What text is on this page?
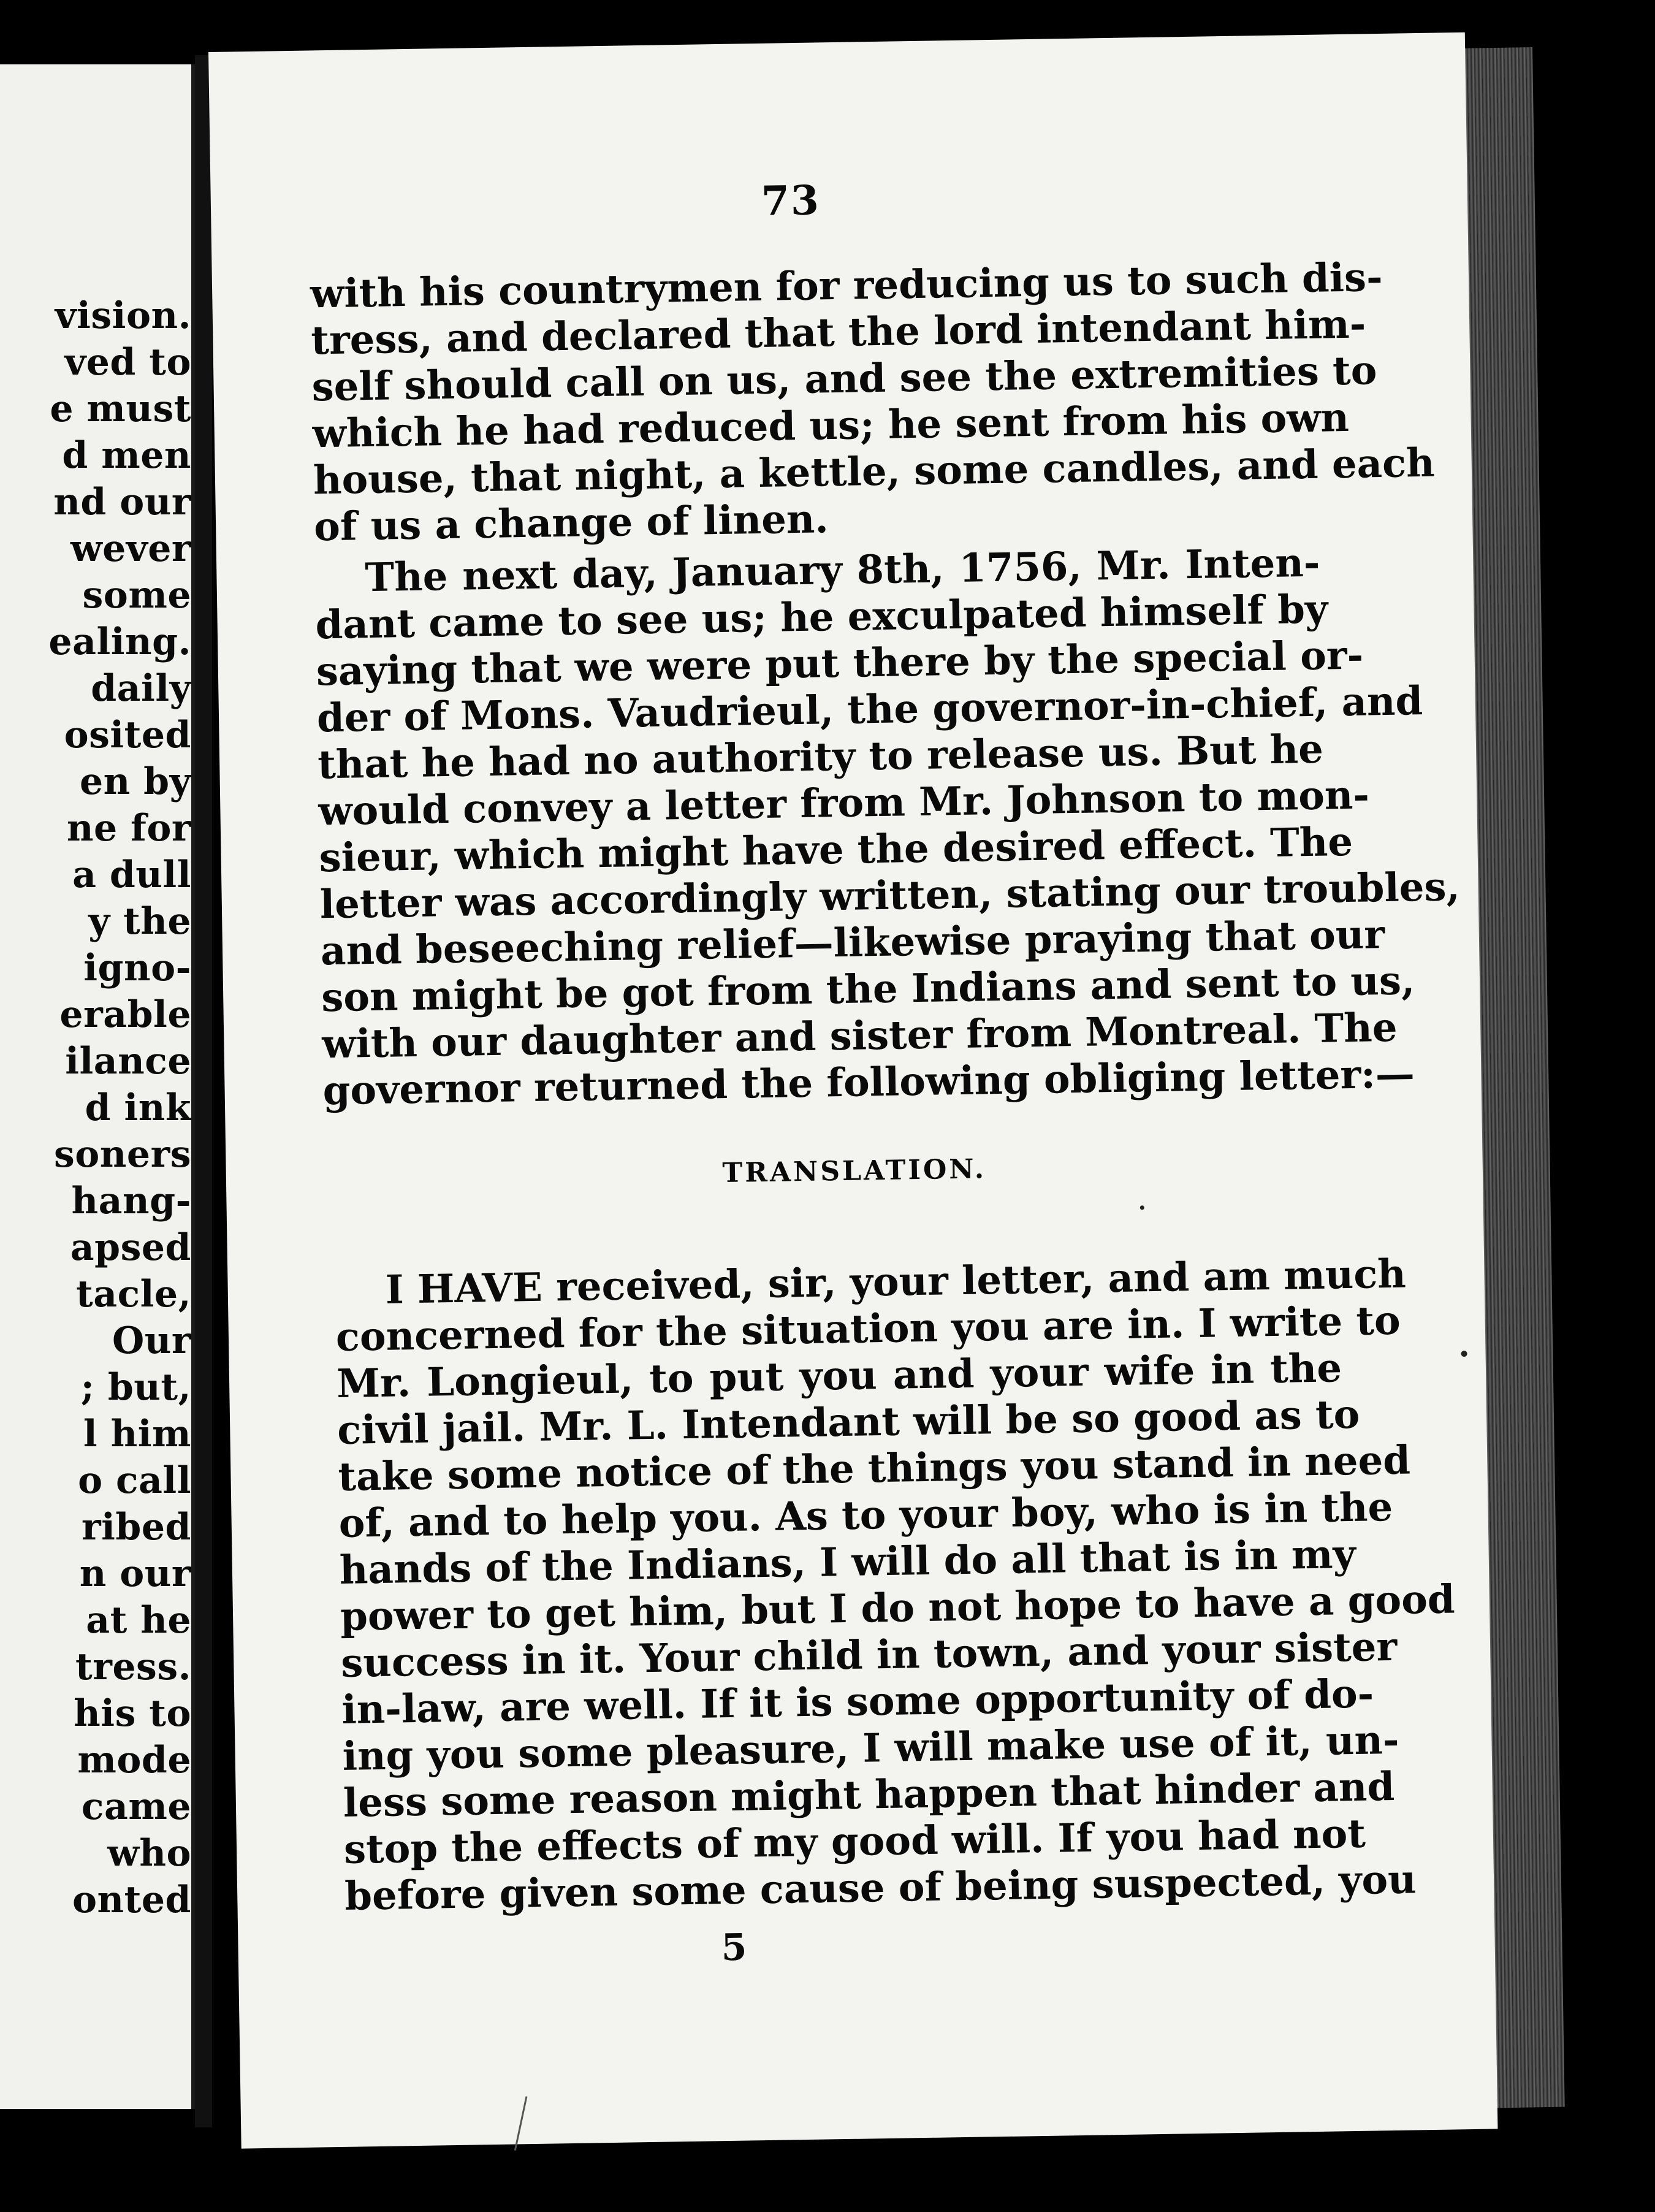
vision.
ved to
e must
d men
nd our
wever
some
ealing.
daily
osited
en by
ne for
a dull
y the
igno-
erable
ilance
d ink
soners
hang-
apsed
tacle,
Our
; but,
l him
o call
ribed
n our
at he
tress.
his to
mode
came
who
onted
73
with his countrymen for reducing us to such dis-
tress, and declared that the lord intendant him-
self should call on us, and see the extremities to
which he had reduced us; he sent from his own
house, that night, a kettle, some candles, and each
of us a change of linen.
The next day, January 8th, 1756, Mr. Inten-
dant came to see us; he exculpated himself by
saying that we were put there by the special or-
der of Mons. Vaudrieul, the governor-in-chief, and
that he had no authority to release us. But he
would convey a letter from Mr. Johnson to mon-
sieur, which might have the desired effect. The
letter was accordingly written, stating our troubles,
and beseeching relief—likewise praying that our
son might be got from the Indians and sent to us,
with our daughter and sister from Montreal. The
governor returned the following obliging letter:—
TRANSLATION.
I HAVE received, sir, your letter, and am much
concerned for the situation you are in. I write to
Mr. Longieul, to put you and your wife in the
civil jail. Mr. L. Intendant will be so good as to
take some notice of the things you stand in need
of, and to help you. As to your boy, who is in the
hands of the Indians, I will do all that is in my
power to get him, but I do not hope to have a good
success in it. Your child in town, and your sister
in-law, are well. If it is some opportunity of do-
ing you some pleasure, I will make use of it, un-
less some reason might happen that hinder and
stop the effects of my good will. If you had not
before given some cause of being suspected, you
5
